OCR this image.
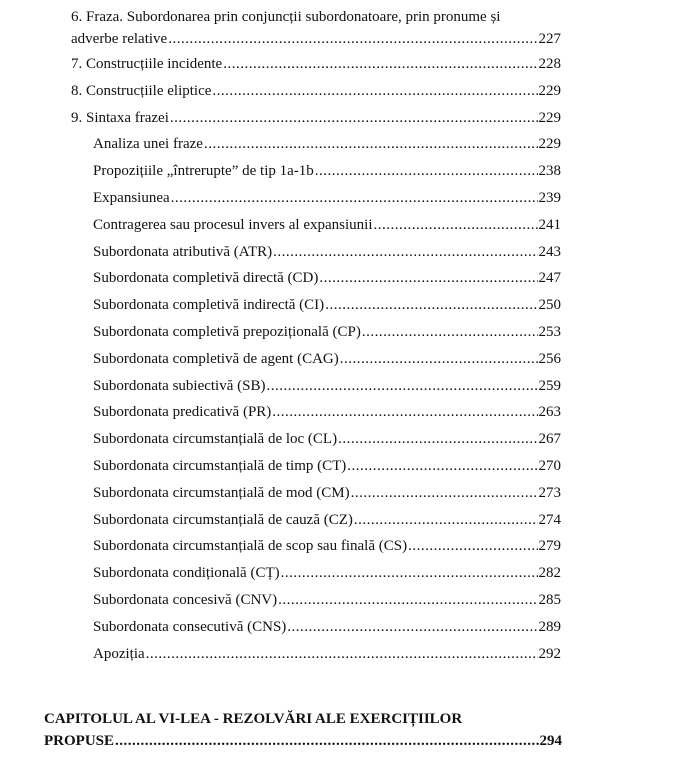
6. Fraza. Subordonarea prin conjuncții subordonatoare, prin pronume și
adverbe relative .....	227
7. Construcțiile incidente .....	228
8. Construcțiile eliptice .....	229
9. Sintaxa frazei .....	229
Analiza unei fraze .....	229
Propozițiile „întrerupte” de tip 1a-1b .....	238
Expansiunea .....	239
Contragerea sau procesul invers al expansiunii .....	241
Subordonata atributivă (ATR) .....	243
Subordonata completivă directă (CD) .....	247
Subordonata completivă indirectă (CI) .....	250
Subordonata completivă prepozițională (CP) .....	253
Subordonata completivă de agent (CAG) .....	256
Subordonata subiectivă (SB) .....	259
Subordonata predicativă (PR) .....	263
Subordonata circumstanțială de loc (CL) .....	267
Subordonata circumstanțială de timp (CT) .....	270
Subordonata circumstanțială de mod (CM) .....	273
Subordonata circumstanțială de cauză (CZ) .....	274
Subordonata circumstanțială de scop sau finală (CS) .....	279
Subordonata condițională (CȚ) .....	282
Subordonata concesivă (CNV) .....	285
Subordonata consecutivă (CNS) .....	289
Apoziția .....	292
CAPITOLUL AL VI-LEA - REZOLVĂRI ALE EXERCIȚIILOR
PROPUSE .....	294
